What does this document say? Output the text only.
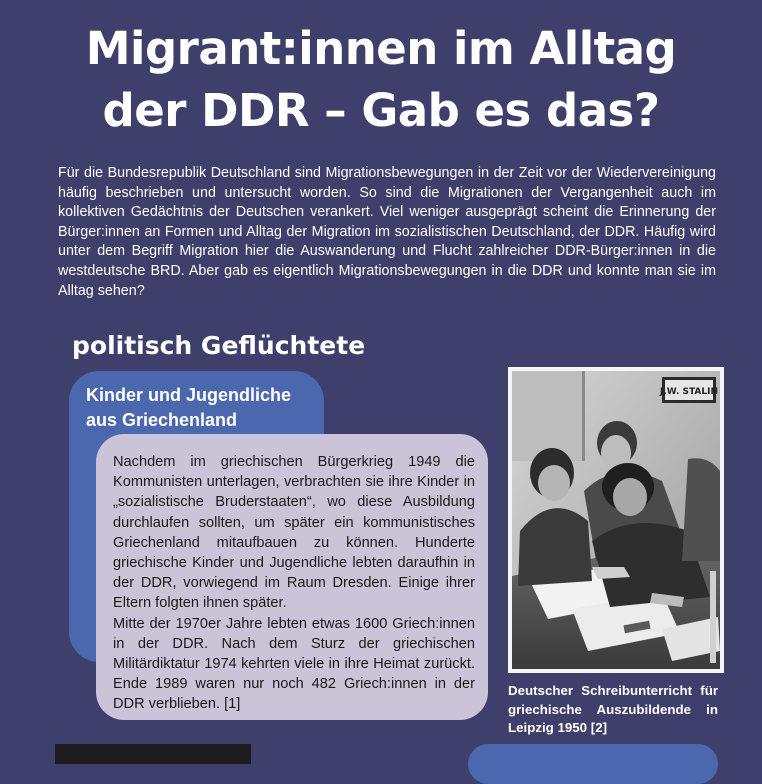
Migrant:innen im Alltag
der DDR – Gab es das?
Für die Bundesrepublik Deutschland sind Migrationsbewegungen in der Zeit vor der Wiedervereinigung häufig beschrieben und untersucht worden. So sind die Migrationen der Vergangenheit auch im kollektiven Gedächtnis der Deutschen verankert. Viel weniger ausgeprägt scheint die Erinnerung der Bürger:innen an Formen und Alltag der Migration im sozialistischen Deutschland, der DDR. Häufig wird unter dem Begriff Migration hier die Auswanderung und Flucht zahlreicher DDR-Bürger:innen in die westdeutsche BRD. Aber gab es eigentlich Migrationsbewegungen in die DDR und konnte man sie im Alltag sehen?
politisch Geflüchtete
Kinder und Jugendliche aus Griechenland

Nachdem im griechischen Bürgerkrieg 1949 die Kommunisten unterlagen, verbrachten sie ihre Kinder in „sozialistische Bruderstaaten“, wo diese Ausbildung durchlaufen sollten, um später ein kommunistisches Griechenland mitaufbauen zu können. Hunderte griechische Kinder und Jugendliche lebten daraufhin in der DDR, vorwiegend im Raum Dresden. Einige ihrer Eltern folgten ihnen später.

Mitte der 1970er Jahre lebten etwas 1600 Griech:innen in der DDR. Nach dem Sturz der griechischen Militärdiktatur 1974 kehrten viele in ihre Heimat zurückt. Ende 1989 waren nur noch 482 Griech:innen in der DDR verblieben. [1]

J.W. STALIN
Deutscher Schreibunterricht für griechische Auszubildende in Leipzig 1950 [2]
